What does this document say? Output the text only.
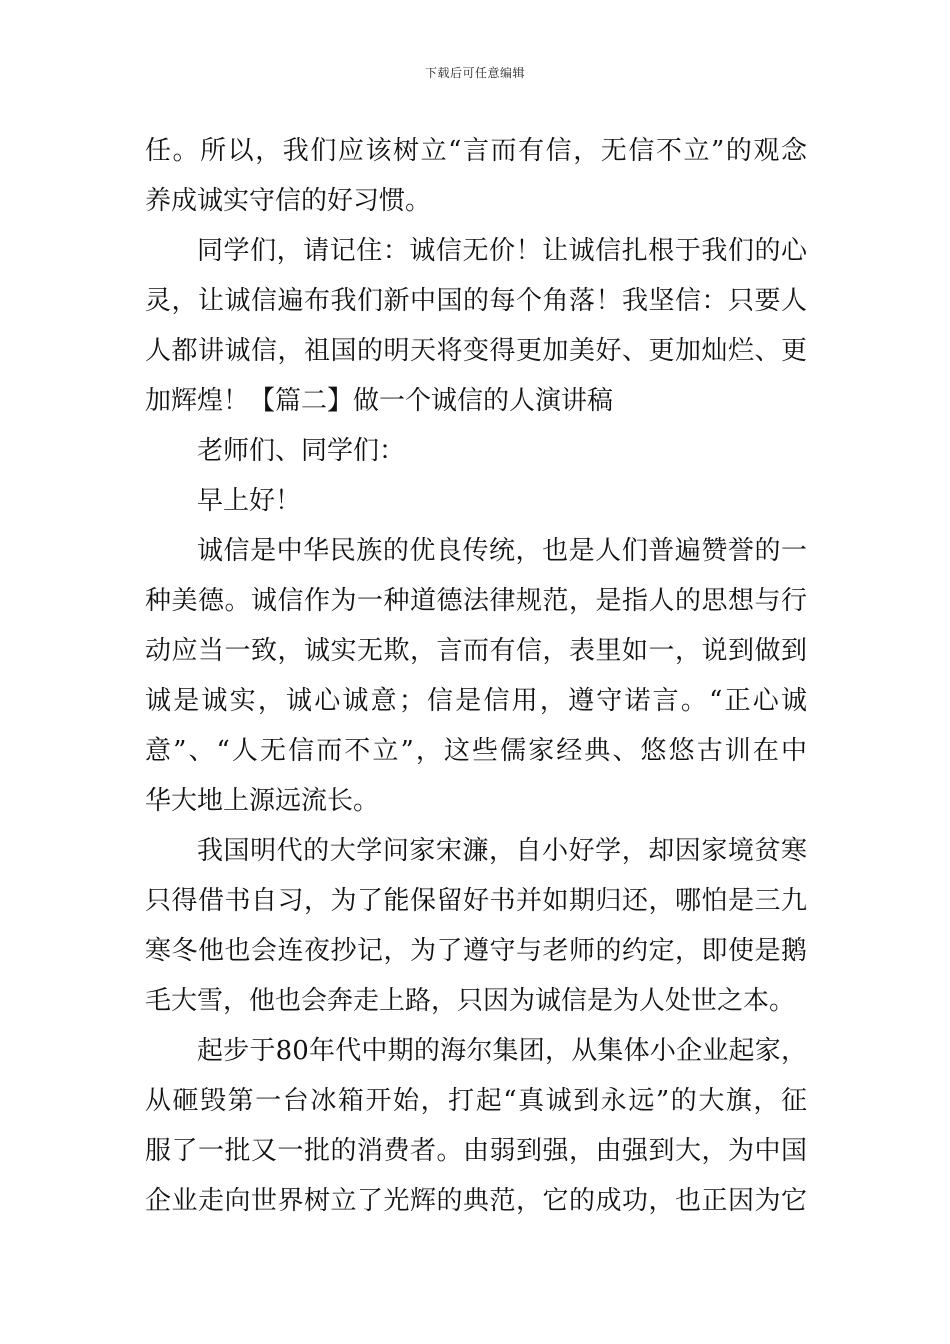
下载后可任意编辑
任。所以，我们应该树立“言而有信，无信不立”的观念
养成诚实守信的好习惯。
同学们，请记住：诚信无价！让诚信扎根于我们的心
灵，让诚信遍布我们新中国的每个角落！我坚信：只要人
人都讲诚信，祖国的明天将变得更加美好、更加灿烂、更
加辉煌！【篇二】做一个诚信的人演讲稿
老师们、同学们：
早上好！
诚信是中华民族的优良传统，也是人们普遍赞誉的一
种美德。诚信作为一种道德法律规范，是指人的思想与行
动应当一致，诚实无欺，言而有信，表里如一，说到做到
诚是诚实，诚心诚意；信是信用，遵守诺言。“正心诚
意”、“人无信而不立”，这些儒家经典、悠悠古训在中
华大地上源远流长。
我国明代的大学问家宋濂，自小好学，却因家境贫寒
只得借书自习，为了能保留好书并如期归还，哪怕是三九
寒冬他也会连夜抄记，为了遵守与老师的约定，即使是鹅
毛大雪，他也会奔走上路，只因为诚信是为人处世之本。
起步于80年代中期的海尔集团，从集体小企业起家，
从砸毁第一台冰箱开始，打起“真诚到永远”的大旗，征
服了一批又一批的消费者。由弱到强，由强到大，为中国
企业走向世界树立了光辉的典范，它的成功，也正因为它
